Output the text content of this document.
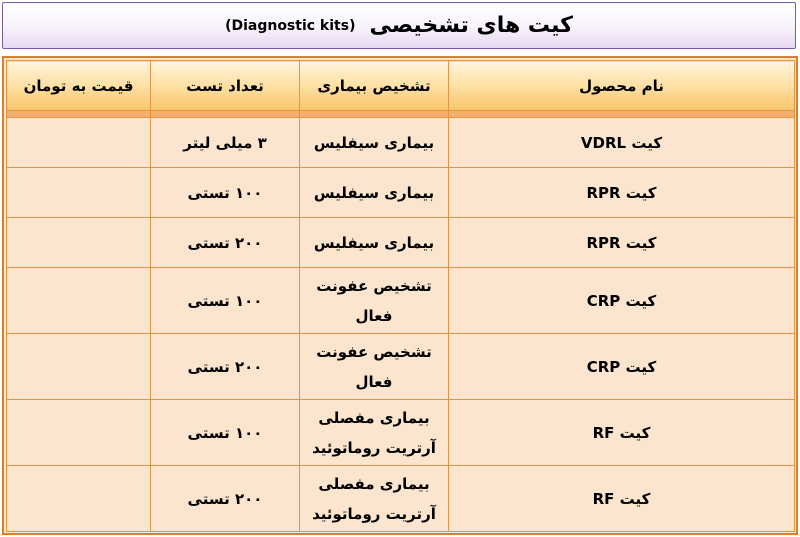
کیت های تشخیصی
(Diagnostic kits)
نام محصول	تشخیص بیماری	تعداد تست	قیمت به تومان

کیت VDRL	بیماری سیفلیس	۳ میلی لیتر	
کیت RPR	بیماری سیفلیس	۱۰۰ تستی	
کیت RPR	بیماری سیفلیس	۲۰۰ تستی	
کیت CRP	تشخیص عفونت فعال	۱۰۰ تستی	
کیت CRP	تشخیص عفونت فعال	۲۰۰ تستی	
کیت RF	بیماری مفصلی آرتریت روماتوئید	۱۰۰ تستی	
کیت RF	بیماری مفصلی آرتریت روماتوئید	۲۰۰ تستی	
